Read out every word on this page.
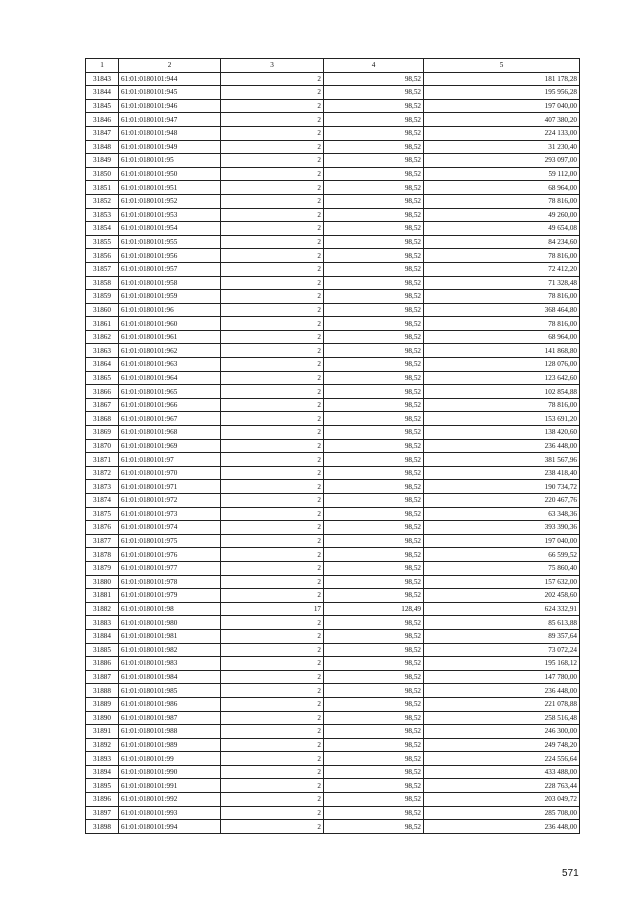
1	2	3	4	5
31843	61:01:0180101:944	2	98,52	181 178,28
31844	61:01:0180101:945	2	98,52	195 956,28
31845	61:01:0180101:946	2	98,52	197 040,00
31846	61:01:0180101:947	2	98,52	407 380,20
31847	61:01:0180101:948	2	98,52	224 133,00
31848	61:01:0180101:949	2	98,52	31 230,40
31849	61:01:0180101:95	2	98,52	293 097,00
31850	61:01:0180101:950	2	98,52	59 112,00
31851	61:01:0180101:951	2	98,52	68 964,00
31852	61:01:0180101:952	2	98,52	78 816,00
31853	61:01:0180101:953	2	98,52	49 260,00
31854	61:01:0180101:954	2	98,52	49 654,08
31855	61:01:0180101:955	2	98,52	84 234,60
31856	61:01:0180101:956	2	98,52	78 816,00
31857	61:01:0180101:957	2	98,52	72 412,20
31858	61:01:0180101:958	2	98,52	71 328,48
31859	61:01:0180101:959	2	98,52	78 816,00
31860	61:01:0180101:96	2	98,52	368 464,80
31861	61:01:0180101:960	2	98,52	78 816,00
31862	61:01:0180101:961	2	98,52	68 964,00
31863	61:01:0180101:962	2	98,52	141 868,80
31864	61:01:0180101:963	2	98,52	128 076,00
31865	61:01:0180101:964	2	98,52	123 642,60
31866	61:01:0180101:965	2	98,52	102 854,88
31867	61:01:0180101:966	2	98,52	78 816,00
31868	61:01:0180101:967	2	98,52	153 691,20
31869	61:01:0180101:968	2	98,52	138 420,60
31870	61:01:0180101:969	2	98,52	236 448,00
31871	61:01:0180101:97	2	98,52	381 567,96
31872	61:01:0180101:970	2	98,52	238 418,40
31873	61:01:0180101:971	2	98,52	190 734,72
31874	61:01:0180101:972	2	98,52	220 467,76
31875	61:01:0180101:973	2	98,52	63 348,36
31876	61:01:0180101:974	2	98,52	393 390,36
31877	61:01:0180101:975	2	98,52	197 040,00
31878	61:01:0180101:976	2	98,52	66 599,52
31879	61:01:0180101:977	2	98,52	75 860,40
31880	61:01:0180101:978	2	98,52	157 632,00
31881	61:01:0180101:979	2	98,52	202 458,60
31882	61:01:0180101:98	17	128,49	624 332,91
31883	61:01:0180101:980	2	98,52	85 613,88
31884	61:01:0180101:981	2	98,52	89 357,64
31885	61:01:0180101:982	2	98,52	73 072,24
31886	61:01:0180101:983	2	98,52	195 168,12
31887	61:01:0180101:984	2	98,52	147 780,00
31888	61:01:0180101:985	2	98,52	236 448,00
31889	61:01:0180101:986	2	98,52	221 078,88
31890	61:01:0180101:987	2	98,52	258 516,48
31891	61:01:0180101:988	2	98,52	246 300,00
31892	61:01:0180101:989	2	98,52	249 748,20
31893	61:01:0180101:99	2	98,52	224 556,64
31894	61:01:0180101:990	2	98,52	433 488,00
31895	61:01:0180101:991	2	98,52	228 763,44
31896	61:01:0180101:992	2	98,52	203 049,72
31897	61:01:0180101:993	2	98,52	285 708,00
31898	61:01:0180101:994	2	98,52	236 448,00
571
